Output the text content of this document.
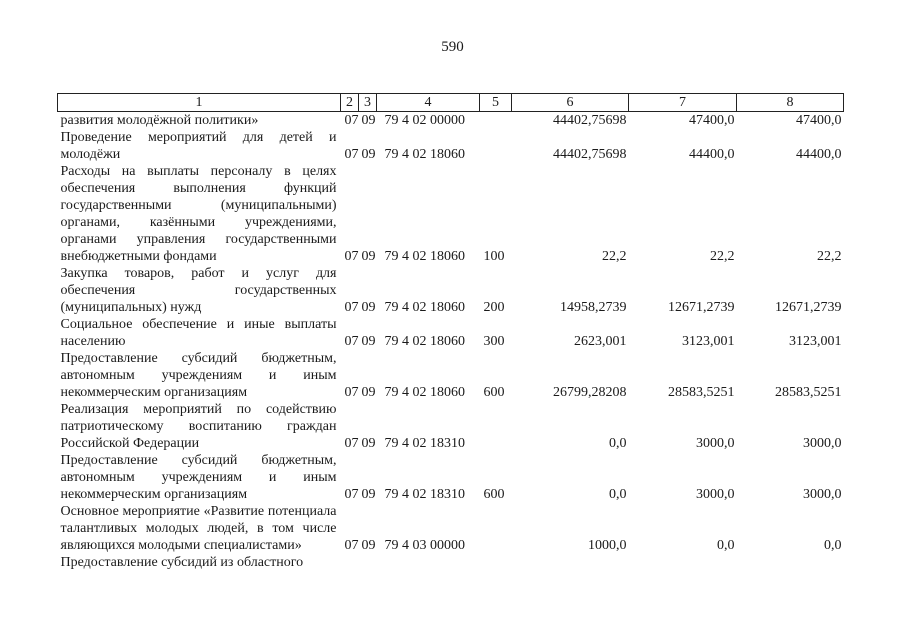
590
1	2	3	4	5	6	7	8

развития молодёжной политики»	07	09	79 4 02 00000		44402,75698	47400,0	47400,0

Проведение мероприятий для детей и молодёжи	07	09	79 4 02 18060		44402,75698	44400,0	44400,0

Расходы на выплаты персоналу в целях обеспечения выполнения функций государственными (муниципальными) органами, казёнными учреждениями, органами управления государственными внебюджетными фондами	07	09	79 4 02 18060	100	22,2	22,2	22,2

Закупка товаров, работ и услуг для обеспечения государственных (муниципальных) нужд	07	09	79 4 02 18060	200	14958,2739	12671,2739	12671,2739

Социальное обеспечение и иные выплаты населению	07	09	79 4 02 18060	300	2623,001	3123,001	3123,001

Предоставление субсидий бюджетным, автономным учреждениям и иным некоммерческим организациям	07	09	79 4 02 18060	600	26799,28208	28583,5251	28583,5251

Реализация мероприятий по содействию патриотическому воспитанию граждан Российской Федерации	07	09	79 4 02 18310		0,0	3000,0	3000,0

Предоставление субсидий бюджетным, автономным учреждениям и иным некоммерческим организациям	07	09	79 4 02 18310	600	0,0	3000,0	3000,0

Основное мероприятие «Развитие потенциала талантливых молодых людей, в том числе являющихся молодыми специалистами»	07	09	79 4 03 00000		1000,0	0,0	0,0

Предоставление субсидий из областного							
